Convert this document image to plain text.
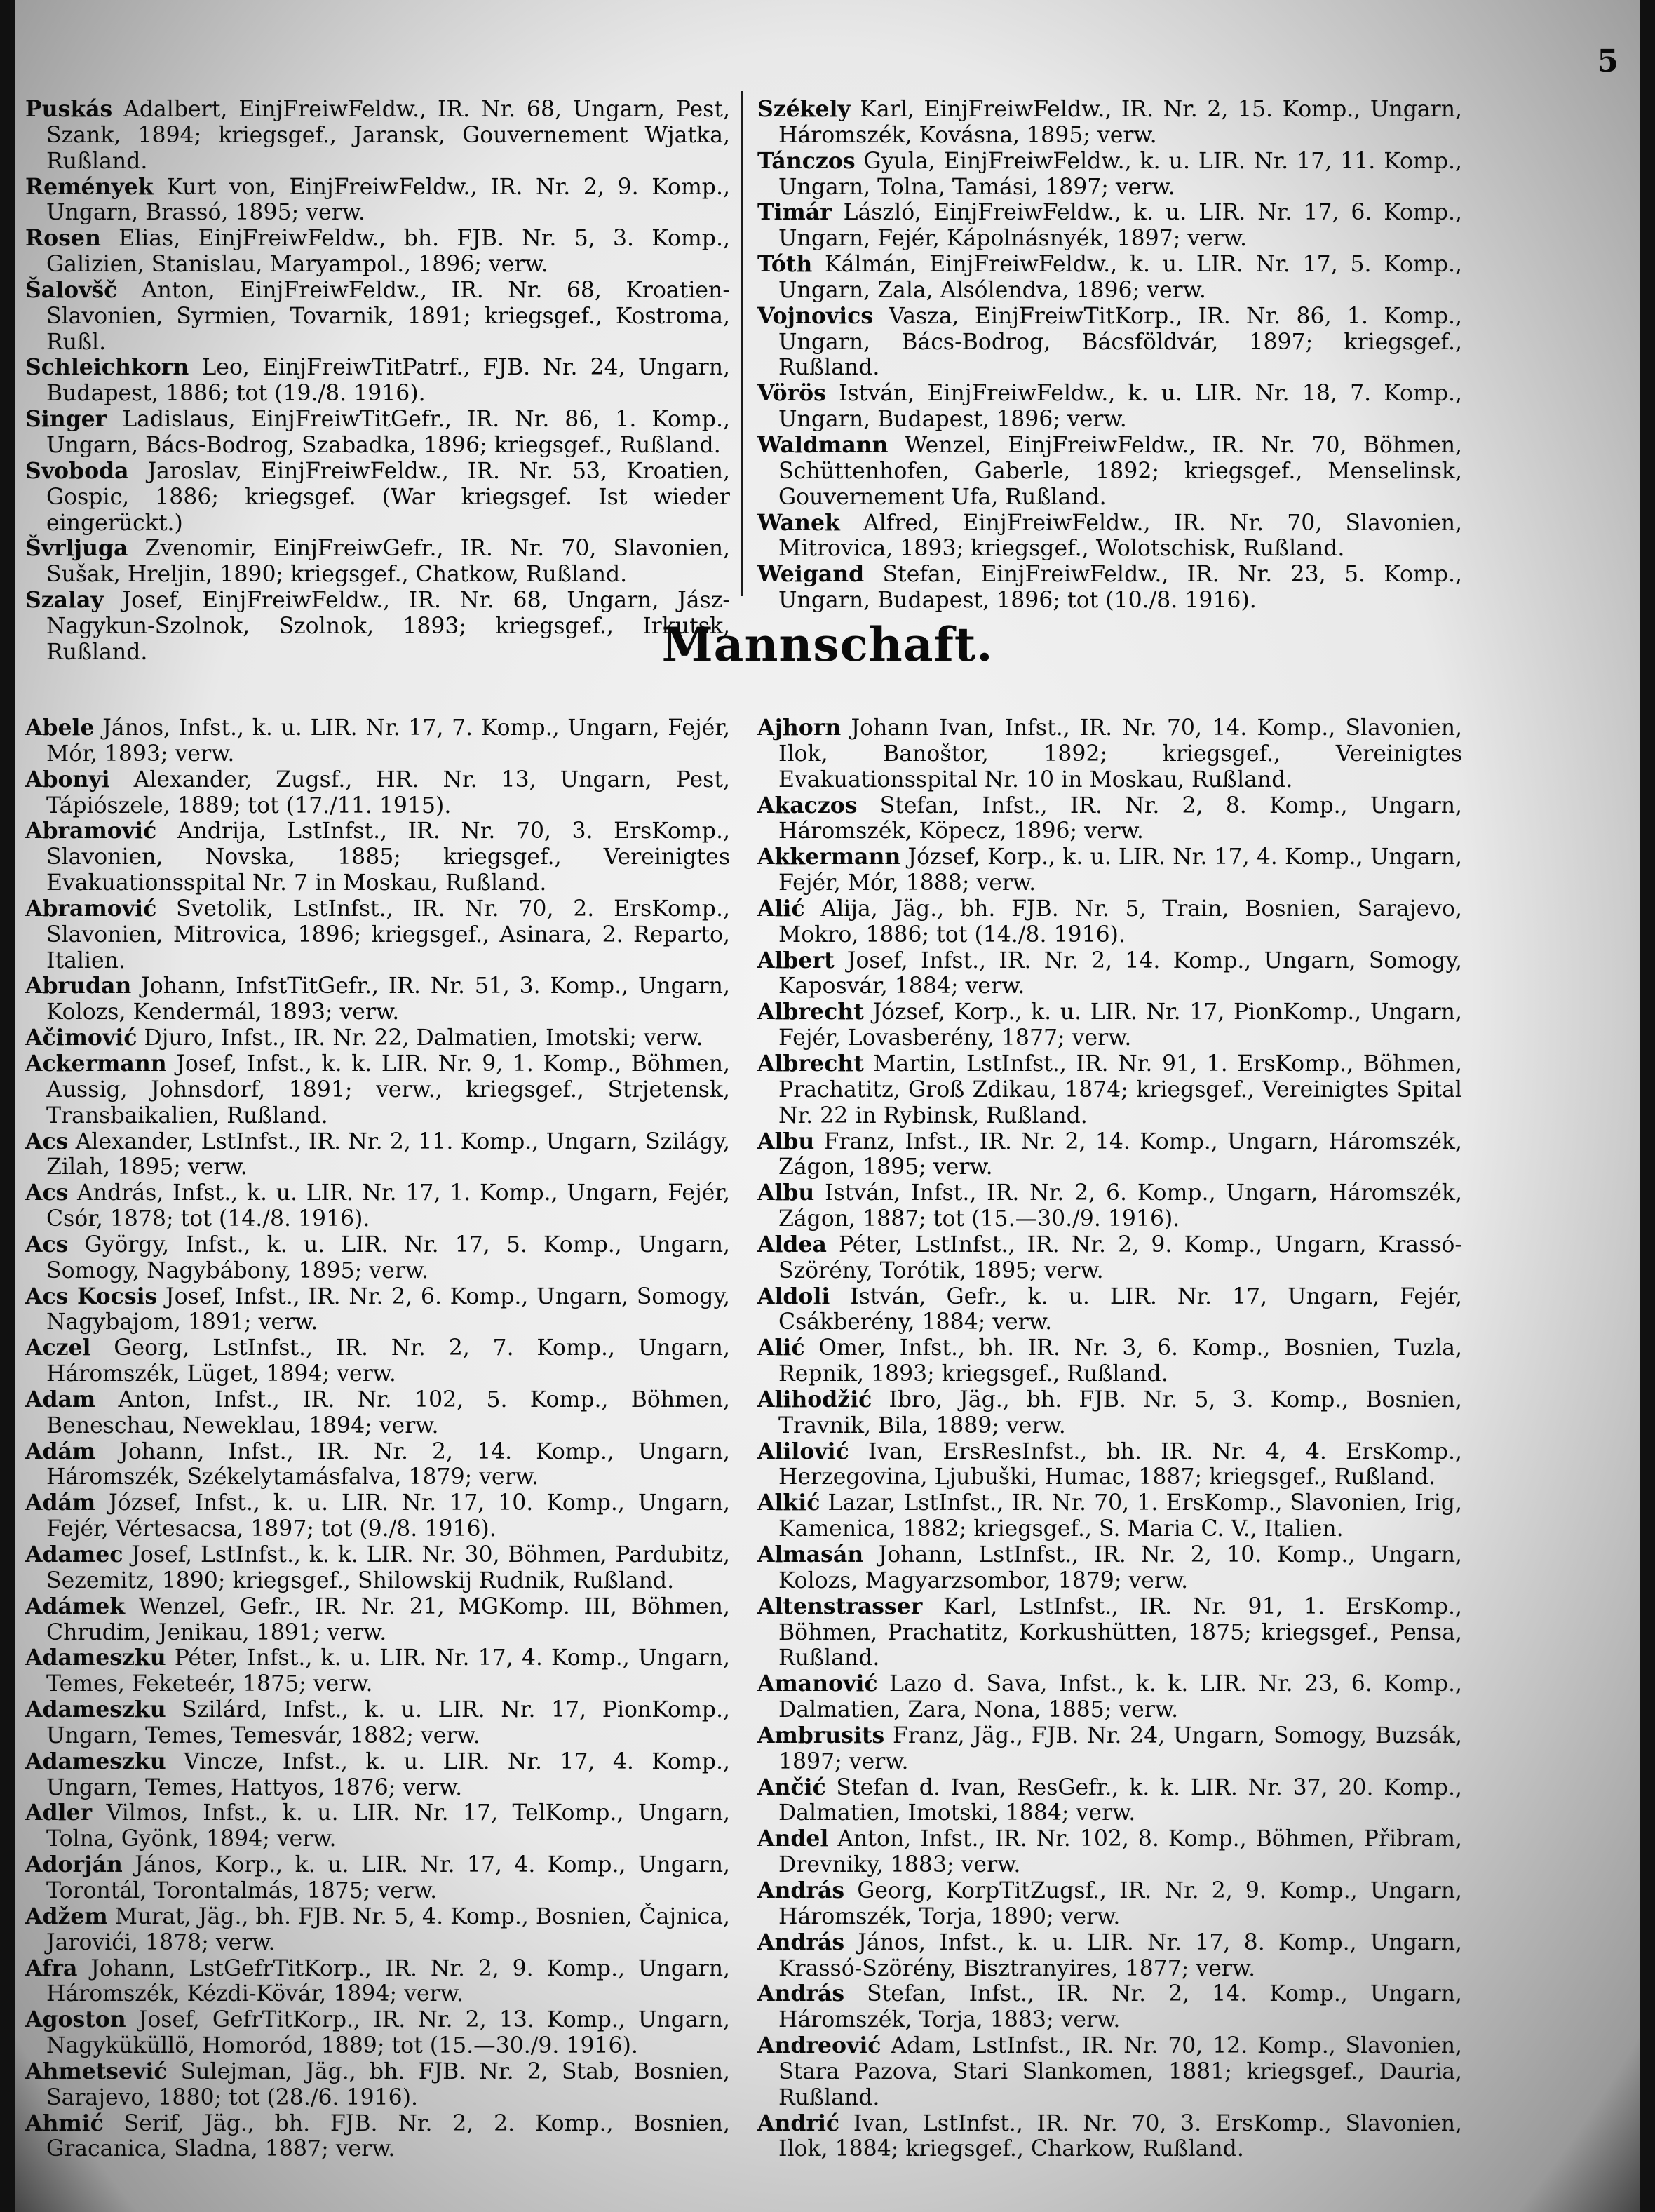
5

Puskás Adalbert, EinjFreiwFeldw., IR. Nr. 68, Ungarn, Pest, Szank, 1894; kriegsgef., Jaransk, Gouvernement Wjatka, Rußland.

Remények Kurt von, EinjFreiwFeldw., IR. Nr. 2, 9. Komp., Ungarn, Brassó, 1895; verw.

Rosen Elias, EinjFreiwFeldw., bh. FJB. Nr. 5, 3. Komp., Galizien, Stanislau, Maryampol., 1896; verw.

Šalovšč Anton, EinjFreiwFeldw., IR. Nr. 68, Kroatien-Slavonien, Syrmien, Tovarnik, 1891; kriegsgef., Kostroma, Rußl.

Schleichkorn Leo, EinjFreiwTitPatrf., FJB. Nr. 24, Ungarn, Budapest, 1886; tot (19./8. 1916).

Singer Ladislaus, EinjFreiwTitGefr., IR. Nr. 86, 1. Komp., Ungarn, Bács-Bodrog, Szabadka, 1896; kriegsgef., Rußland.

Svoboda Jaroslav, EinjFreiwFeldw., IR. Nr. 53, Kroatien, Gospic, 1886; kriegsgef. (War kriegsgef. Ist wieder eingerückt.)

Švrljuga Zvenomir, EinjFreiwGefr., IR. Nr. 70, Slavonien, Sušak, Hreljin, 1890; kriegsgef., Chatkow, Rußland.

Szalay Josef, EinjFreiwFeldw., IR. Nr. 68, Ungarn, Jász-Nagykun-Szolnok, Szolnok, 1893; kriegsgef., Irkutsk, Rußland.

Székely Karl, EinjFreiwFeldw., IR. Nr. 2, 15. Komp., Ungarn, Háromszék, Kovásna, 1895; verw.

Tánczos Gyula, EinjFreiwFeldw., k. u. LIR. Nr. 17, 11. Komp., Ungarn, Tolna, Tamási, 1897; verw.

Timár László, EinjFreiwFeldw., k. u. LIR. Nr. 17, 6. Komp., Ungarn, Fejér, Kápolnásnyék, 1897; verw.

Tóth Kálmán, EinjFreiwFeldw., k. u. LIR. Nr. 17, 5. Komp., Ungarn, Zala, Alsólendva, 1896; verw.

Vojnovics Vasza, EinjFreiwTitKorp., IR. Nr. 86, 1. Komp., Ungarn, Bács-Bodrog, Bácsföldvár, 1897; kriegsgef., Rußland.

Vörös István, EinjFreiwFeldw., k. u. LIR. Nr. 18, 7. Komp., Ungarn, Budapest, 1896; verw.

Waldmann Wenzel, EinjFreiwFeldw., IR. Nr. 70, Böhmen, Schüttenhofen, Gaberle, 1892; kriegsgef., Menselinsk, Gouvernement Ufa, Rußland.

Wanek Alfred, EinjFreiwFeldw., IR. Nr. 70, Slavonien, Mitrovica, 1893; kriegsgef., Wolotschisk, Rußland.

Weigand Stefan, EinjFreiwFeldw., IR. Nr. 23, 5. Komp., Ungarn, Budapest, 1896; tot (10./8. 1916).

Mannschaft.

Abele János, Infst., k. u. LIR. Nr. 17, 7. Komp., Ungarn, Fejér, Mór, 1893; verw.

Abonyi Alexander, Zugsf., HR. Nr. 13, Ungarn, Pest, Tápiószele, 1889; tot (17./11. 1915).

Abramović Andrija, LstInfst., IR. Nr. 70, 3. ErsKomp., Slavonien, Novska, 1885; kriegsgef., Vereinigtes Evakuationsspital Nr. 7 in Moskau, Rußland.

Abramović Svetolik, LstInfst., IR. Nr. 70, 2. ErsKomp., Slavonien, Mitrovica, 1896; kriegsgef., Asinara, 2. Reparto, Italien.

Abrudan Johann, InfstTitGefr., IR. Nr. 51, 3. Komp., Ungarn, Kolozs, Kendermál, 1893; verw.

Ačimović Djuro, Infst., IR. Nr. 22, Dalmatien, Imotski; verw.

Ackermann Josef, Infst., k. k. LIR. Nr. 9, 1. Komp., Böhmen, Aussig, Johnsdorf, 1891; verw., kriegsgef., Strjetensk, Transbaikalien, Rußland.

Acs Alexander, LstInfst., IR. Nr. 2, 11. Komp., Ungarn, Szilágy, Zilah, 1895; verw.

Acs András, Infst., k. u. LIR. Nr. 17, 1. Komp., Ungarn, Fejér, Csór, 1878; tot (14./8. 1916).

Acs György, Infst., k. u. LIR. Nr. 17, 5. Komp., Ungarn, Somogy, Nagybábony, 1895; verw.

Acs Kocsis Josef, Infst., IR. Nr. 2, 6. Komp., Ungarn, Somogy, Nagybajom, 1891; verw.

Aczel Georg, LstInfst., IR. Nr. 2, 7. Komp., Ungarn, Háromszék, Lüget, 1894; verw.

Adam Anton, Infst., IR. Nr. 102, 5. Komp., Böhmen, Beneschau, Neweklau, 1894; verw.

Adám Johann, Infst., IR. Nr. 2, 14. Komp., Ungarn, Háromszék, Székelytamásfalva, 1879; verw.

Adám József, Infst., k. u. LIR. Nr. 17, 10. Komp., Ungarn, Fejér, Vértesacsa, 1897; tot (9./8. 1916).

Adamec Josef, LstInfst., k. k. LIR. Nr. 30, Böhmen, Pardubitz, Sezemitz, 1890; kriegsgef., Shilowskij Rudnik, Rußland.

Adámek Wenzel, Gefr., IR. Nr. 21, MGKomp. III, Böhmen, Chrudim, Jenikau, 1891; verw.

Adameszku Péter, Infst., k. u. LIR. Nr. 17, 4. Komp., Ungarn, Temes, Feketeér, 1875; verw.

Adameszku Szilárd, Infst., k. u. LIR. Nr. 17, PionKomp., Ungarn, Temes, Temesvár, 1882; verw.

Adameszku Vincze, Infst., k. u. LIR. Nr. 17, 4. Komp., Ungarn, Temes, Hattyos, 1876; verw.

Adler Vilmos, Infst., k. u. LIR. Nr. 17, TelKomp., Ungarn, Tolna, Gyönk, 1894; verw.

Adorján János, Korp., k. u. LIR. Nr. 17, 4. Komp., Ungarn, Torontál, Torontalmás, 1875; verw.

Adžem Murat, Jäg., bh. FJB. Nr. 5, 4. Komp., Bosnien, Čajnica, Jarovići, 1878; verw.

Afra Johann, LstGefrTitKorp., IR. Nr. 2, 9. Komp., Ungarn, Háromszék, Kézdi-Kövár, 1894; verw.

Agoston Josef, GefrTitKorp., IR. Nr. 2, 13. Komp., Ungarn, Nagyküküllö, Homoród, 1889; tot (15.—30./9. 1916).

Ahmetsević Sulejman, Jäg., bh. FJB. Nr. 2, Stab, Bosnien, Sarajevo, 1880; tot (28./6. 1916).

Ahmić Serif, Jäg., bh. FJB. Nr. 2, 2. Komp., Bosnien, Gracanica, Sladna, 1887; verw.

Ajhorn Johann Ivan, Infst., IR. Nr. 70, 14. Komp., Slavonien, Ilok, Banoštor, 1892; kriegsgef., Vereinigtes Evakuationsspital Nr. 10 in Moskau, Rußland.

Akaczos Stefan, Infst., IR. Nr. 2, 8. Komp., Ungarn, Háromszék, Köpecz, 1896; verw.

Akkermann József, Korp., k. u. LIR. Nr. 17, 4. Komp., Ungarn, Fejér, Mór, 1888; verw.

Alić Alija, Jäg., bh. FJB. Nr. 5, Train, Bosnien, Sarajevo, Mokro, 1886; tot (14./8. 1916).

Albert Josef, Infst., IR. Nr. 2, 14. Komp., Ungarn, Somogy, Kaposvár, 1884; verw.

Albrecht József, Korp., k. u. LIR. Nr. 17, PionKomp., Ungarn, Fejér, Lovasberény, 1877; verw.

Albrecht Martin, LstInfst., IR. Nr. 91, 1. ErsKomp., Böhmen, Prachatitz, Groß Zdikau, 1874; kriegsgef., Vereinigtes Spital Nr. 22 in Rybinsk, Rußland.

Albu Franz, Infst., IR. Nr. 2, 14. Komp., Ungarn, Háromszék, Zágon, 1895; verw.

Albu István, Infst., IR. Nr. 2, 6. Komp., Ungarn, Háromszék, Zágon, 1887; tot (15.—30./9. 1916).

Aldea Péter, LstInfst., IR. Nr. 2, 9. Komp., Ungarn, Krassó-Szörény, Torótik, 1895; verw.

Aldoli István, Gefr., k. u. LIR. Nr. 17, Ungarn, Fejér, Csákberény, 1884; verw.

Alić Omer, Infst., bh. IR. Nr. 3, 6. Komp., Bosnien, Tuzla, Repnik, 1893; kriegsgef., Rußland.

Alihodžić Ibro, Jäg., bh. FJB. Nr. 5, 3. Komp., Bosnien, Travnik, Bila, 1889; verw.

Alilović Ivan, ErsResInfst., bh. IR. Nr. 4, 4. ErsKomp., Herzegovina, Ljubuški, Humac, 1887; kriegsgef., Rußland.

Alkić Lazar, LstInfst., IR. Nr. 70, 1. ErsKomp., Slavonien, Irig, Kamenica, 1882; kriegsgef., S. Maria C. V., Italien.

Almasán Johann, LstInfst., IR. Nr. 2, 10. Komp., Ungarn, Kolozs, Magyarzsombor, 1879; verw.

Altenstrasser Karl, LstInfst., IR. Nr. 91, 1. ErsKomp., Böhmen, Prachatitz, Korkushütten, 1875; kriegsgef., Pensa, Rußland.

Amanović Lazo d. Sava, Infst., k. k. LIR. Nr. 23, 6. Komp., Dalmatien, Zara, Nona, 1885; verw.

Ambrusits Franz, Jäg., FJB. Nr. 24, Ungarn, Somogy, Buzsák, 1897; verw.

Ančić Stefan d. Ivan, ResGefr., k. k. LIR. Nr. 37, 20. Komp., Dalmatien, Imotski, 1884; verw.

Andel Anton, Infst., IR. Nr. 102, 8. Komp., Böhmen, Přibram, Drevniky, 1883; verw.

András Georg, KorpTitZugsf., IR. Nr. 2, 9. Komp., Ungarn, Háromszék, Torja, 1890; verw.

András János, Infst., k. u. LIR. Nr. 17, 8. Komp., Ungarn, Krassó-Szörény, Bisztranyires, 1877; verw.

András Stefan, Infst., IR. Nr. 2, 14. Komp., Ungarn, Háromszék, Torja, 1883; verw.

Andreović Adam, LstInfst., IR. Nr. 70, 12. Komp., Slavonien, Stara Pazova, Stari Slankomen, 1881; kriegsgef., Dauria, Rußland.

Andrić Ivan, LstInfst., IR. Nr. 70, 3. ErsKomp., Slavonien, Ilok, 1884; kriegsgef., Charkow, Rußland.
